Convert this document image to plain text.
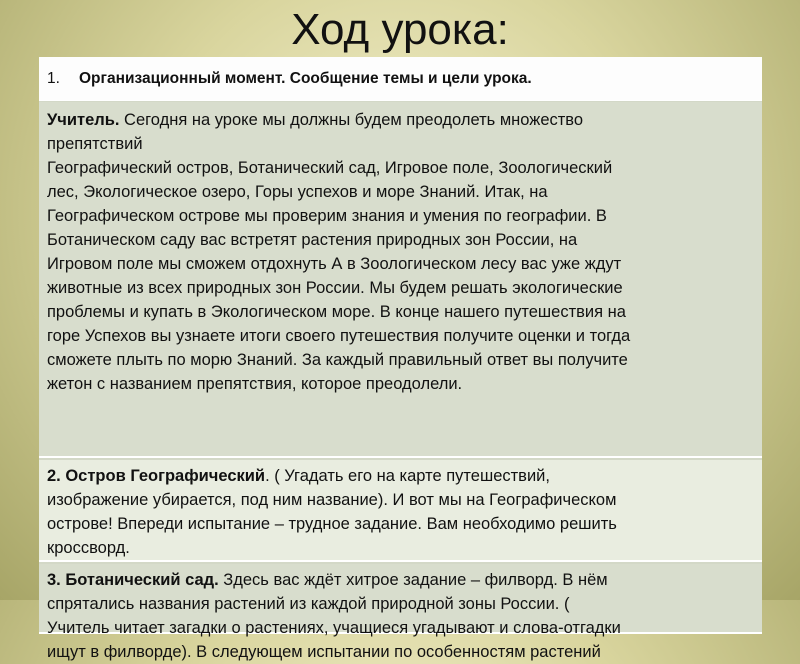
Ход урока:
1. Организационный момент. Сообщение темы и цели урока.
Учитель. Сегодня на уроке мы должны будем преодолеть множество
препятствий
Географический остров, Ботанический сад, Игровое поле, Зоологический
лес, Экологическое озеро, Горы успехов и море Знаний. Итак, на
Географическом острове мы проверим знания и умения по географии. В
Ботаническом саду вас встретят растения природных зон России, на
Игровом поле мы сможем отдохнуть А в Зоологическом лесу вас уже ждут
животные из всех природных зон России. Мы будем решать экологические
проблемы и купать в Экологическом море. В конце нашего путешествия на
горе Успехов вы узнаете итоги своего путешествия получите оценки и тогда
сможете плыть по морю Знаний. За каждый правильный ответ вы получите
жетон с названием препятствия, которое преодолели.
2. Остров Географический. ( Угадать его на карте путешествий,
изображение убирается, под ним название). И вот мы на Географическом
острове! Впереди испытание – трудное задание. Вам необходимо решить
кроссворд.
3. Ботанический сад. Здесь вас ждёт хитрое задание – филворд. В нём
спрятались названия растений из каждой природной зоны России. (
Учитель читает загадки о растениях, учащиеся угадывают и слова-отгадки
ищут в филворде). В следующем испытании по особенностям растений
